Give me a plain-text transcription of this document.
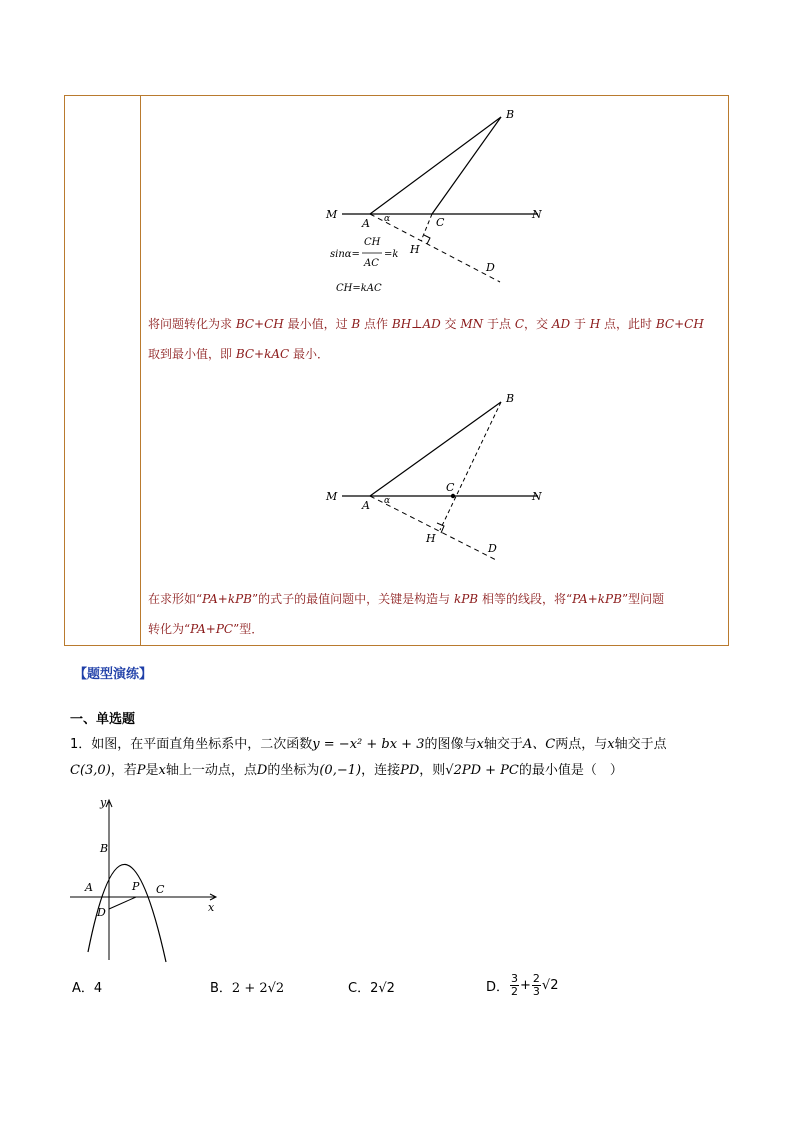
B
M
A α	C
N
H
D
sinα=
CH
AC
=k
CH=kAC
将问题转化为求 BC+CH 最小值，过 B 点作 BH⊥AD 交 MN 于点 C，交 AD 于 H 点，此时 BC+CH
取到最小值，即 BC+kAC 最小．
B
M
A α
C
N
H
D
在求形如“PA+kPB”的式子的最值问题中，关键是构造与 kPB 相等的线段，将“PA+kPB”型问题
转化为“PA+PC”型．
【题型演练】
一、单选题
1．如图，在平面直角坐标系中，二次函数y = −x² + bx + 3的图像与x轴交于A、C两点，与x轴交于点
C(3,0)，若P是x轴上一动点，点D的坐标为(0,−1)，连接PD，则√2PD + PC的最小值是（　）
y
x
B
A	P C
D
A．4	B．2 + 2√2	C．2√2	D．
3
2 + 2
3 √2
